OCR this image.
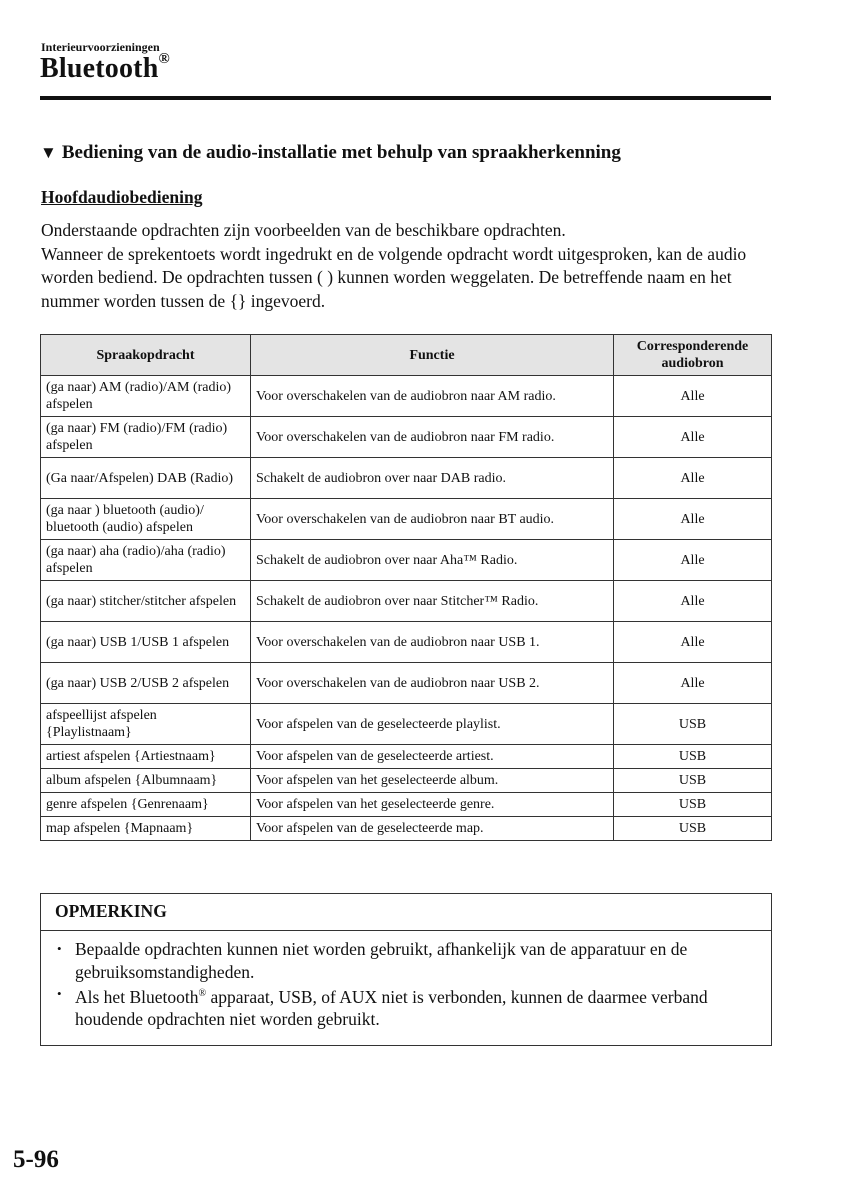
Interieurvoorzieningen
Bluetooth®
▼ Bediening van de audio-installatie met behulp van spraakherkenning
Hoofdaudiobediening

Onderstaande opdrachten zijn voorbeelden van de beschikbare opdrachten.

Wanneer de sprekentoets wordt ingedrukt en de volgende opdracht wordt uitgesproken, kan de audio worden bediend. De opdrachten tussen ( ) kunnen worden weggelaten. De betreffende naam en het nummer worden tussen de {} ingevoerd.

Spraakopdracht	Functie	Corresponderende audiobron
(ga naar) AM (radio)/AM (radio) afspelen	Voor overschakelen van de audiobron naar AM radio.	Alle
(ga naar) FM (radio)/FM (radio) afspelen	Voor overschakelen van de audiobron naar FM radio.	Alle
(Ga naar/Afspelen) DAB (Radio)	Schakelt de audiobron over naar DAB radio.	Alle
(ga naar ) bluetooth (audio)/ bluetooth (audio) afspelen	Voor overschakelen van de audiobron naar BT audio.	Alle
(ga naar) aha (radio)/aha (radio) afspelen	Schakelt de audiobron over naar Aha™ Radio.	Alle
(ga naar) stitcher/stitcher afspelen	Schakelt de audiobron over naar Stitcher™ Radio.	Alle
(ga naar) USB 1/USB 1 afspelen	Voor overschakelen van de audiobron naar USB 1.	Alle
(ga naar) USB 2/USB 2 afspelen	Voor overschakelen van de audiobron naar USB 2.	Alle
afspeellijst afspelen {Playlistnaam}	Voor afspelen van de geselecteerde playlist.	USB
artiest afspelen {Artiestnaam}	Voor afspelen van de geselecteerde artiest.	USB
album afspelen {Albumnaam}	Voor afspelen van het geselecteerde album.	USB
genre afspelen {Genrenaam}	Voor afspelen van het geselecteerde genre.	USB
map afspelen {Mapnaam}	Voor afspelen van de geselecteerde map.	USB
OPMERKING
• Bepaalde opdrachten kunnen niet worden gebruikt, afhankelijk van de apparatuur en de gebruiksomstandigheden.
• Als het Bluetooth® apparaat, USB, of AUX niet is verbonden, kunnen de daarmee verband houdende opdrachten niet worden gebruikt.
5-96
